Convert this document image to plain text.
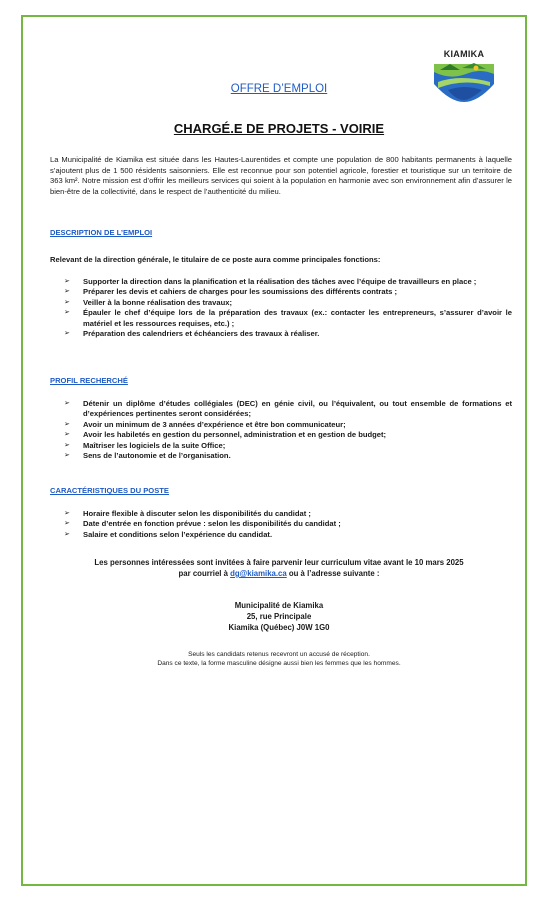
KIAMIKA
OFFRE D’EMPLOI
CHARGÉ.E DE PROJETS - VOIRIE
La Municipalité de Kiamika est située dans les Hautes-Laurentides et compte une population de 800 habitants permanents à laquelle s’ajoutent plus de 1 500 résidents saisonniers. Elle est reconnue pour son potentiel agricole, forestier et touristique sur un territoire de 363 km². Notre mission est d’offrir les meilleurs services qui soient à la population en harmonie avec son environnement afin d’assurer le bien-être de la collectivité, dans le respect de l’authenticité du milieu.
DESCRIPTION DE L’EMPLOI
Relevant de la direction générale, le titulaire de ce poste aura comme principales fonctions:
➢ Supporter la direction dans la planification et la réalisation des tâches avec l’équipe de travailleurs en place ;
➢ Préparer les devis et cahiers de charges pour les soumissions des différents contrats ;
➢ Veiller à la bonne réalisation des travaux;
➢ Épauler le chef d’équipe lors de la préparation des travaux (ex.: contacter les entrepreneurs, s’assurer d’avoir le matériel et les ressources requises, etc.) ;
➢ Préparation des calendriers et échéanciers des travaux à réaliser.
PROFIL RECHERCHÉ
➢ Détenir un diplôme d’études collégiales (DEC) en génie civil, ou l’équivalent, ou tout ensemble de formations et d’expériences pertinentes seront considérées;
➢ Avoir un minimum de 3 années d’expérience et être bon communicateur;
➢ Avoir les habiletés en gestion du personnel, administration et en gestion de budget;
➢ Maîtriser les logiciels de la suite Office;
➢ Sens de l’autonomie et de l’organisation.
CARACTÉRISTIQUES DU POSTE
➢ Horaire flexible à discuter selon les disponibilités du candidat ;
➢ Date d’entrée en fonction prévue : selon les disponibilités du candidat ;
➢ Salaire et conditions selon l’expérience du candidat.
Les personnes intéressées sont invitées à faire parvenir leur curriculum vitae avant le 10 mars 2025
par courriel à dg@kiamika.ca ou à l’adresse suivante :
Municipalité de Kiamika
25, rue Principale
Kiamika (Québec) J0W 1G0
Seuls les candidats retenus recevront un accusé de réception.
Dans ce texte, la forme masculine désigne aussi bien les femmes que les hommes.
